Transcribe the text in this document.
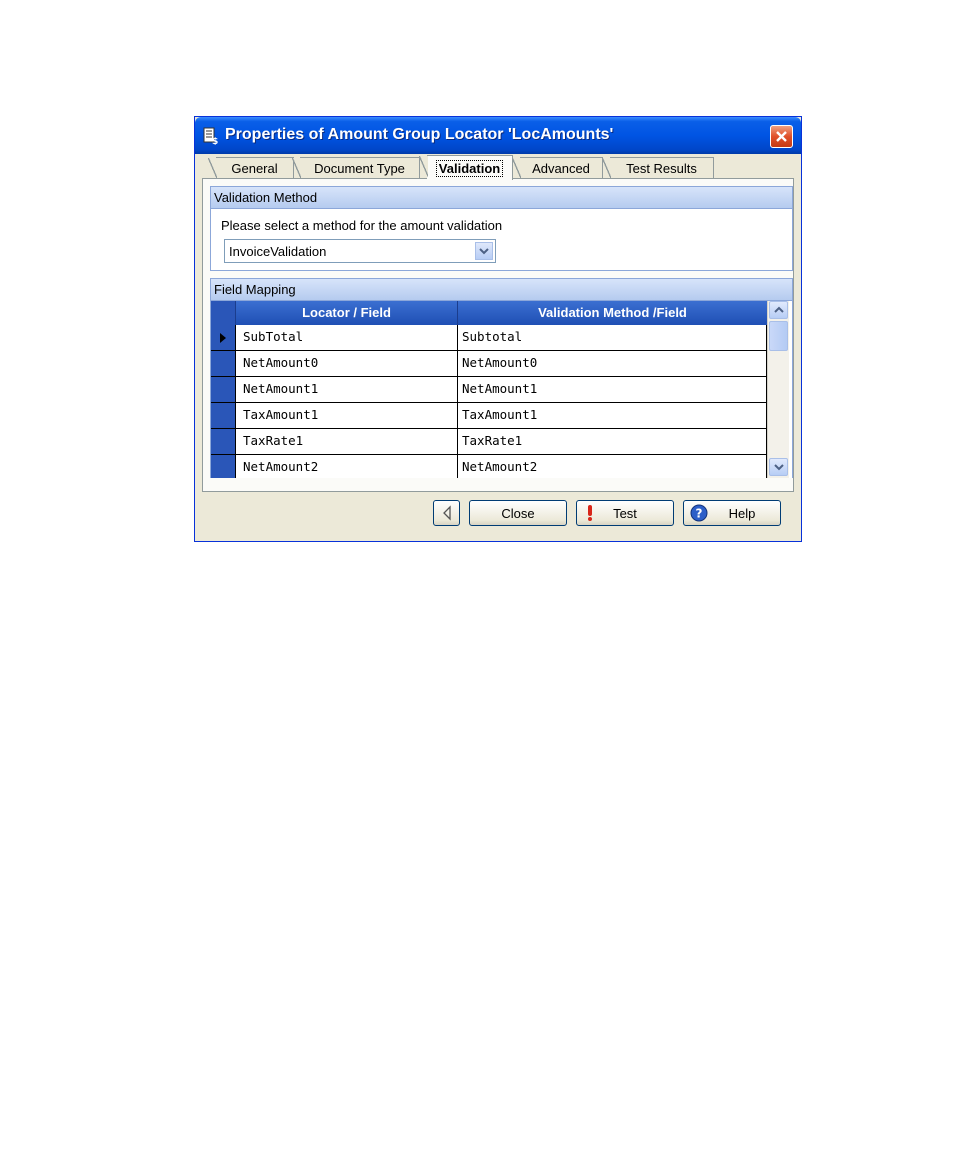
$ Properties of Amount Group Locator 'LocAmounts'
General	Document Type	Validation Advanced	Test Results
Validation Method
Please select a method for the amount validation
InvoiceValidation
Field Mapping
Locator / Field	Validation Method /Field
SubTotal	Subtotal
NetAmount0	NetAmount0
NetAmount1	NetAmount1
TaxAmount1	TaxAmount1
TaxRate1	TaxRate1
NetAmount2	NetAmount2
Close	Test	? Help
